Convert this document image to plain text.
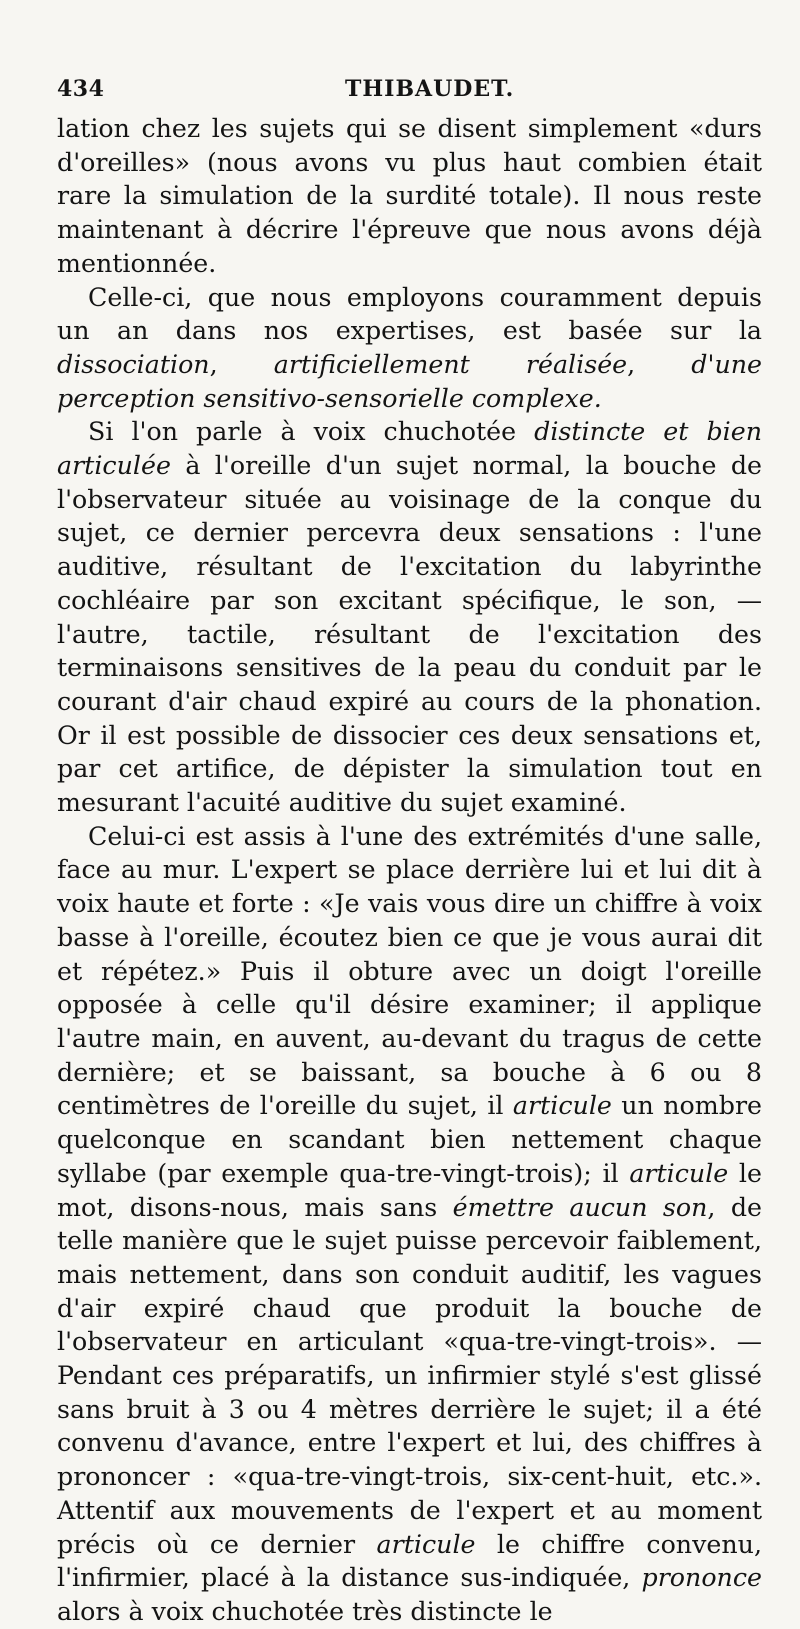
434	THIBAUDET.

lation chez les sujets qui se disent simplement «durs d'oreilles» (nous avons vu plus haut combien était rare la simulation de la surdité totale). Il nous reste maintenant à décrire l'épreuve que nous avons déjà mentionnée.

Celle-ci, que nous employons couramment depuis un an dans nos expertises, est basée sur la dissociation, artificiellement réalisée, d'une perception sensitivo-sensorielle complexe.

Si l'on parle à voix chuchotée distincte et bien articulée à l'oreille d'un sujet normal, la bouche de l'observateur située au voisinage de la conque du sujet, ce dernier percevra deux sensations : l'une auditive, résultant de l'excitation du labyrinthe cochléaire par son excitant spécifique, le son, — l'autre, tactile, résultant de l'excitation des terminaisons sensitives de la peau du conduit par le courant d'air chaud expiré au cours de la phonation. Or il est possible de dissocier ces deux sensations et, par cet artifice, de dépister la simulation tout en mesurant l'acuité auditive du sujet examiné.

Celui-ci est assis à l'une des extrémités d'une salle, face au mur. L'expert se place derrière lui et lui dit à voix haute et forte : «Je vais vous dire un chiffre à voix basse à l'oreille, écoutez bien ce que je vous aurai dit et répétez.» Puis il obture avec un doigt l'oreille opposée à celle qu'il désire examiner; il applique l'autre main, en auvent, au-devant du tragus de cette dernière; et se baissant, sa bouche à 6 ou 8 centimètres de l'oreille du sujet, il articule un nombre quelconque en scandant bien nettement chaque syllabe (par exemple qua-tre-vingt-trois); il articule le mot, disons-nous, mais sans émettre aucun son, de telle manière que le sujet puisse percevoir faiblement, mais nettement, dans son conduit auditif, les vagues d'air expiré chaud que produit la bouche de l'observateur en articulant «qua-tre-vingt-trois». — Pendant ces préparatifs, un infirmier stylé s'est glissé sans bruit à 3 ou 4 mètres derrière le sujet; il a été convenu d'avance, entre l'expert et lui, des chiffres à prononcer : «qua-tre-vingt-trois, six-cent-huit, etc.». Attentif aux mouvements de l'expert et au moment précis où ce dernier articule le chiffre convenu, l'infirmier, placé à la distance sus-indiquée, prononce alors à voix chuchotée très distincte le
